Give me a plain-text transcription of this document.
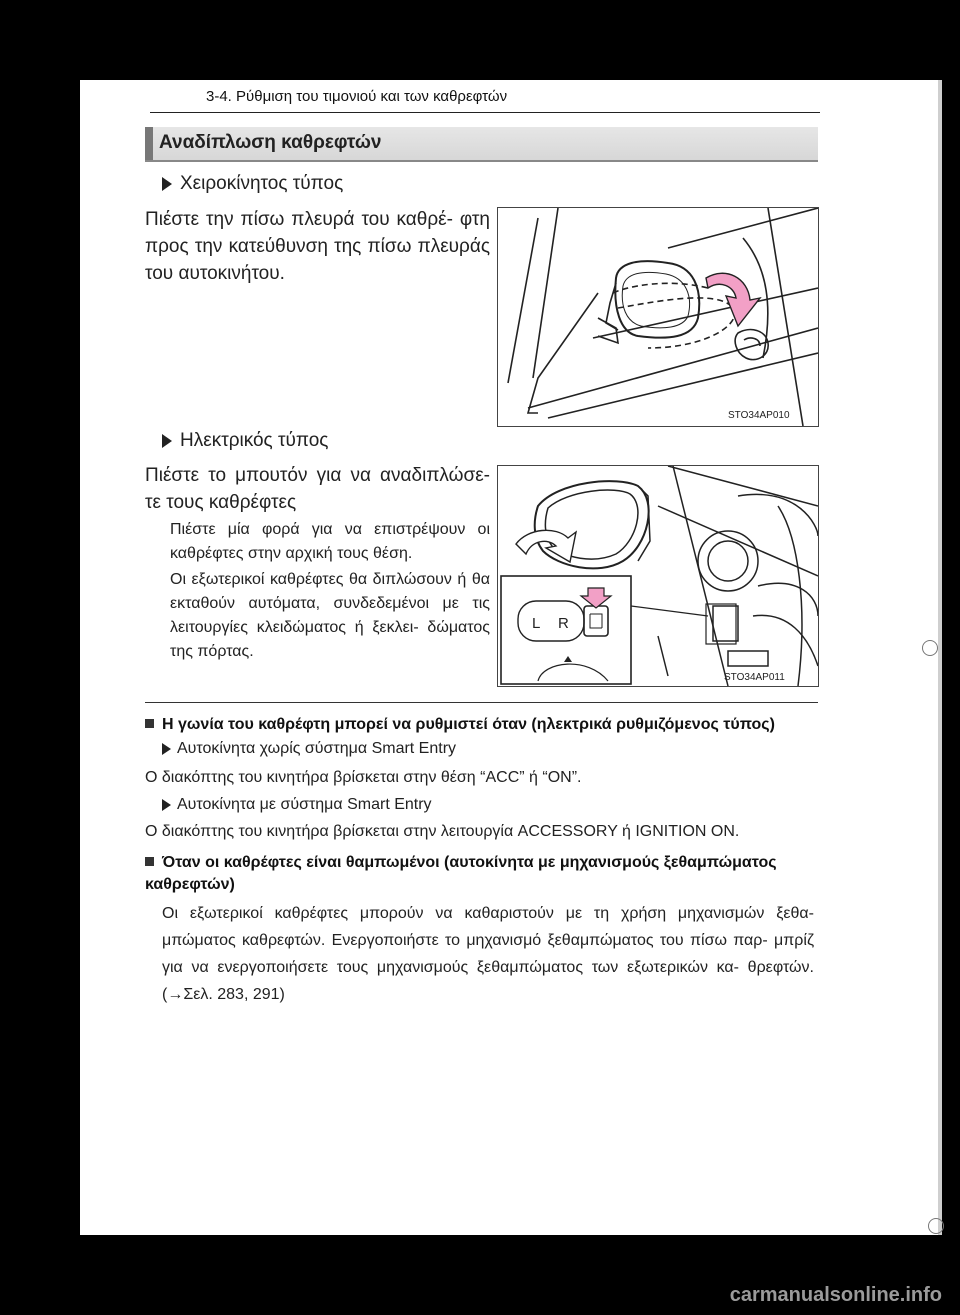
3-4. Ρύθμιση του τιμονιού και των καθρεφτών
Αναδίπλωση καθρεφτών
Χειροκίνητος τύπος
Πιέστε την πίσω πλευρά του καθρέ- φτη προς την κατεύθυνση της πίσω πλευράς του αυτοκινήτου.
STO34AP010
Ηλεκτρικός τύπος
Πιέστε το μπουτόν για να αναδιπλώσε- τε τους καθρέφτες
Πιέστε μία φορά για να επιστρέψουν οι καθρέφτες στην αρχική τους θέση.
Οι εξωτερικοί καθρέφτες θα διπλώσουν ή θα εκταθούν αυτόματα, συνδεδεμένοι με τις λειτουργίες κλειδώματος ή ξεκλει- δώματος της πόρτας.
L R
STO34AP011
Η γωνία του καθρέφτη μπορεί να ρυθμιστεί όταν (ηλεκτρικά ρυθμιζόμενος τύπος)
Αυτοκίνητα χωρίς σύστημα Smart Entry
Ο διακόπτης του κινητήρα βρίσκεται στην θέση “ACC” ή “ON”.
Αυτοκίνητα με σύστημα Smart Entry
Ο διακόπτης του κινητήρα βρίσκεται στην λειτουργία ACCESSORY ή IGNITION ON.
Όταν οι καθρέφτες είναι θαμπωμένοι (αυτοκίνητα με μηχανισμούς ξεθαμπώματος καθρεφτών)
Οι εξωτερικοί καθρέφτες μπορούν να καθαριστούν με τη χρήση μηχανισμών ξεθα- μπώματος καθρεφτών. Ενεργοποιήστε το μηχανισμό ξεθαμπώματος του πίσω παρ- μπρίζ για να ενεργοποιήσετε τους μηχανισμούς ξεθαμπώματος των εξωτερικών κα- θρεφτών. (→Σελ. 283, 291)
carmanualsonline.info
